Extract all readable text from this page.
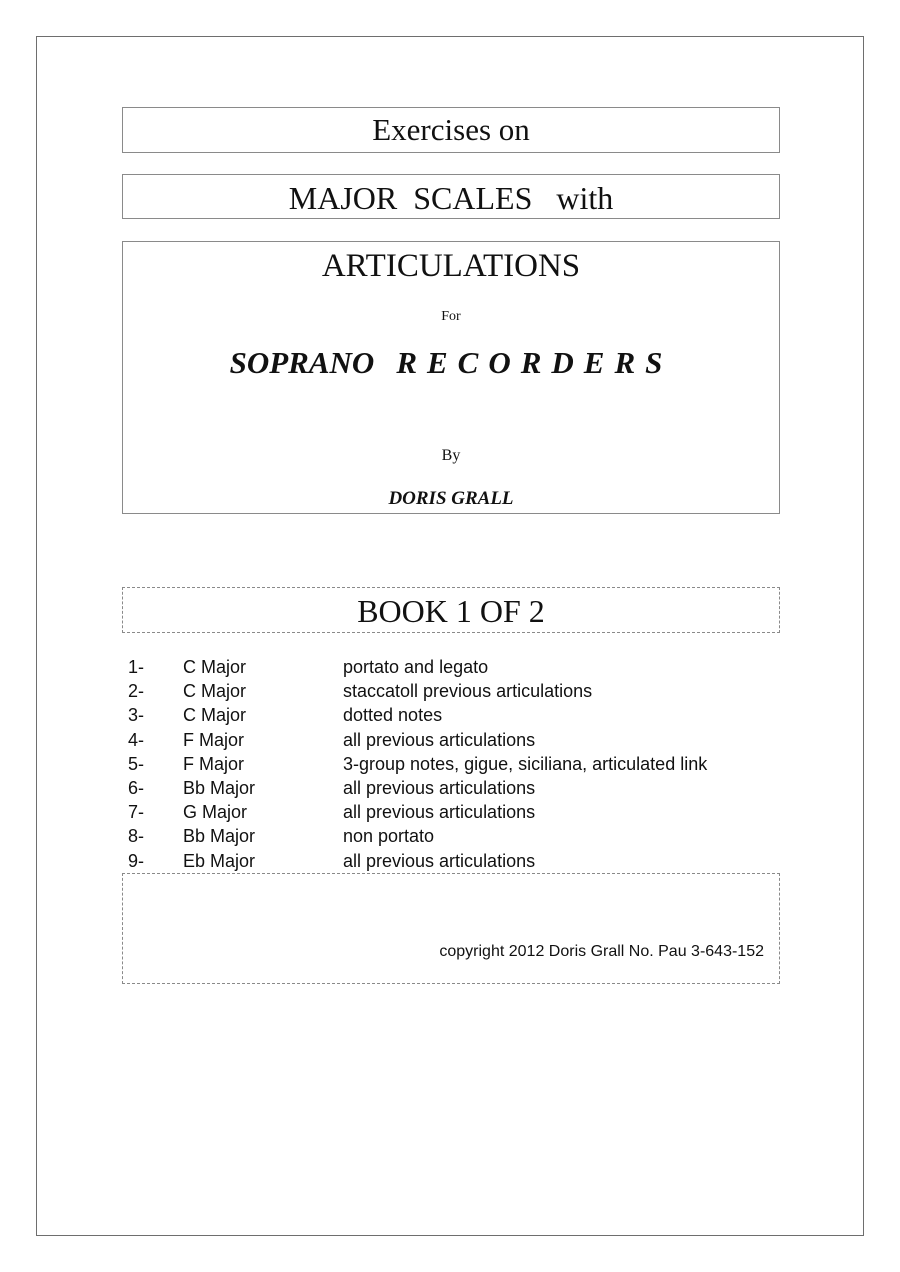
Exercises on
MAJOR  SCALES   with
ARTICULATIONS
For
SOPRANO RECORDERS
By
DORIS GRALL
BOOK 1 OF 2
1- C Major	portato and legato
2- C Major	staccatoll previous articulations
3- C Major	dotted notes
4- F Major	all previous articulations
5- F Major	3-group notes, gigue, siciliana, articulated link
6- Bb Major	all previous articulations
7- G Major	all previous articulations
8- Bb Major	non portato
9- Eb Major	all previous articulations
copyright 2012 Doris Grall No. Pau 3-643-152
